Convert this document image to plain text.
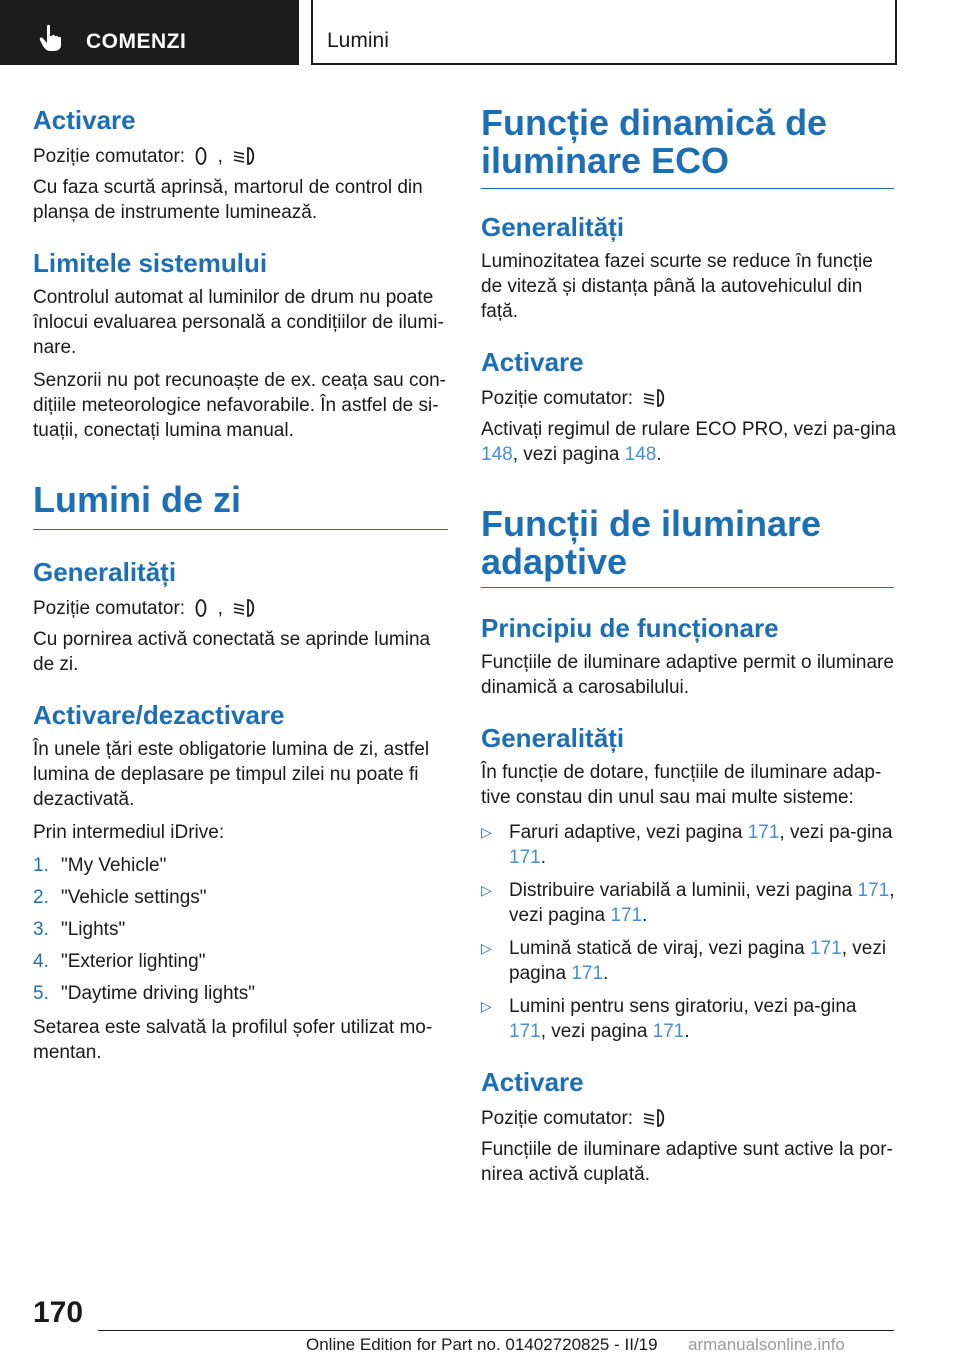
COMENZI	Lumini
Activare
Poziție comutator: ,
Cu faza scurtă aprinsă, martorul de control din planșa de instrumente luminează.
Limitele sistemului
Controlul automat al luminilor de drum nu poate înlocui evaluarea personală a condițiilor de ilumi‐nare.
Senzorii nu pot recunoaște de ex. ceața sau con‐dițiile meteorologice nefavorabile. În astfel de si‐tuații, conectați lumina manual.
Lumini de zi
Generalități
Poziție comutator: ,
Cu pornirea activă conectată se aprinde lumina de zi.
Activare/dezactivare
În unele țări este obligatorie lumina de zi, astfel lumina de deplasare pe timpul zilei nu poate fi dezactivată.
Prin intermediul iDrive:
1. "My Vehicle"
2. "Vehicle settings"
3. "Lights"
4. "Exterior lighting"
5. "Daytime driving lights"
Setarea este salvată la profilul șofer utilizat mo‐mentan.
Funcție dinamică de
iluminare ECO
Generalități
Luminozitatea fazei scurte se reduce în funcție de viteză și distanța până la autovehiculul din față.
Activare
Poziție comutator:
Activați regimul de rulare ECO PRO, vezi pa‐gina 148, vezi pagina 148.
Funcții de iluminare
adaptive
Principiu de funcționare
Funcțiile de iluminare adaptive permit o iluminare dinamică a carosabilului.
Generalități
În funcție de dotare, funcțiile de iluminare adap‐tive constau din unul sau mai multe sisteme:
▷ Faruri adaptive, vezi pagina 171, vezi pa‐gina 171.
▷ Distribuire variabilă a luminii, vezi pagina 171, vezi pagina 171.
▷ Lumină statică de viraj, vezi pagina 171, vezi pagina 171.
▷ Lumini pentru sens giratoriu, vezi pa‐gina 171, vezi pagina 171.
Activare
Poziție comutator:
Funcțiile de iluminare adaptive sunt active la por‐nirea activă cuplată.
170
Online Edition for Part no. 01402720825 - II/19 armanualsonline.info
